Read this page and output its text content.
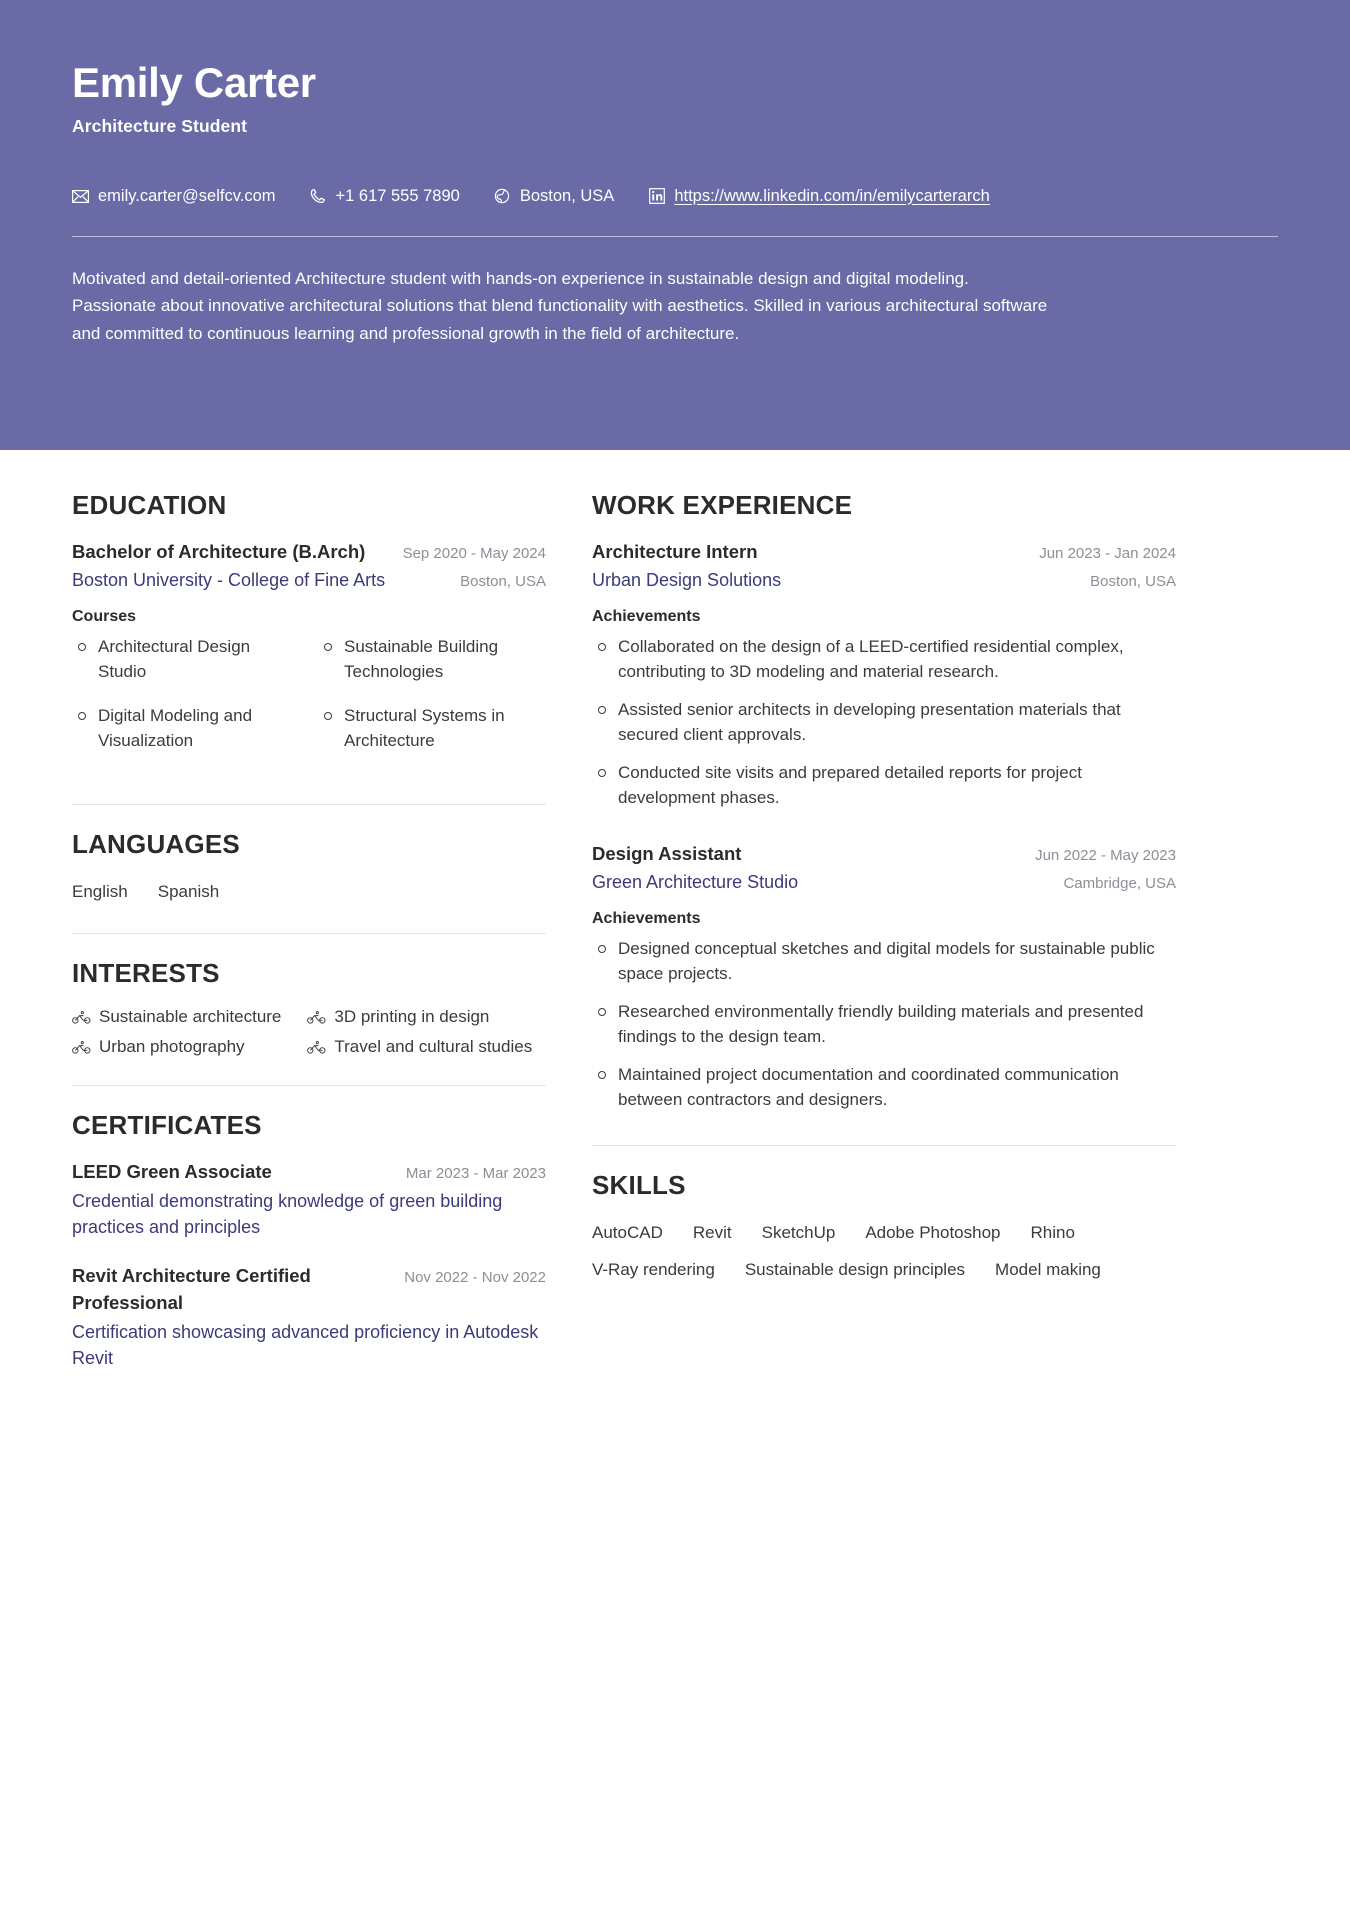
Emily Carter
Architecture Student
emily.carter@selfcv.com	+1 617 555 7890	Boston, USA	https://www.linkedin.com/in/emilycarterarch

Motivated and detail-oriented Architecture student with hands-on experience in sustainable design and digital modeling. Passionate about innovative architectural solutions that blend functionality with aesthetics. Skilled in various architectural software and committed to continuous learning and professional growth in the field of architecture.

EDUCATION
Bachelor of Architecture (B.Arch) Sep 2020 - May 2024
Boston University - College of Fine Arts	Boston, USA
Courses
Architectural Design Studio
Digital Modeling and Visualization
Sustainable Building Technologies
Structural Systems in Architecture
LANGUAGES
English Spanish
INTERESTS
Sustainable architecture	3D printing in design
Urban photography	Travel and cultural studies
CERTIFICATES
LEED Green Associate	Mar 2023 - Mar 2023
Credential demonstrating knowledge of green building practices and principles
Revit Architecture Certified Professional
Nov 2022 - Nov 2022
Certification showcasing advanced proficiency in Autodesk Revit
WORK EXPERIENCE
Architecture Intern	Jun 2023 - Jan 2024
Urban Design Solutions	Boston, USA
Achievements
Collaborated on the design of a LEED-certified residential complex, contributing to 3D modeling and material research.
Assisted senior architects in developing presentation materials that secured client approvals.
Conducted site visits and prepared detailed reports for project development phases.
Design Assistant	Jun 2022 - May 2023
Green Architecture Studio	Cambridge, USA
Achievements
Designed conceptual sketches and digital models for sustainable public space projects.
Researched environmentally friendly building materials and presented findings to the design team.
Maintained project documentation and coordinated communication between contractors and designers.
SKILLS
AutoCAD Revit SketchUp Adobe Photoshop Rhino
V-Ray rendering Sustainable design principles Model making
